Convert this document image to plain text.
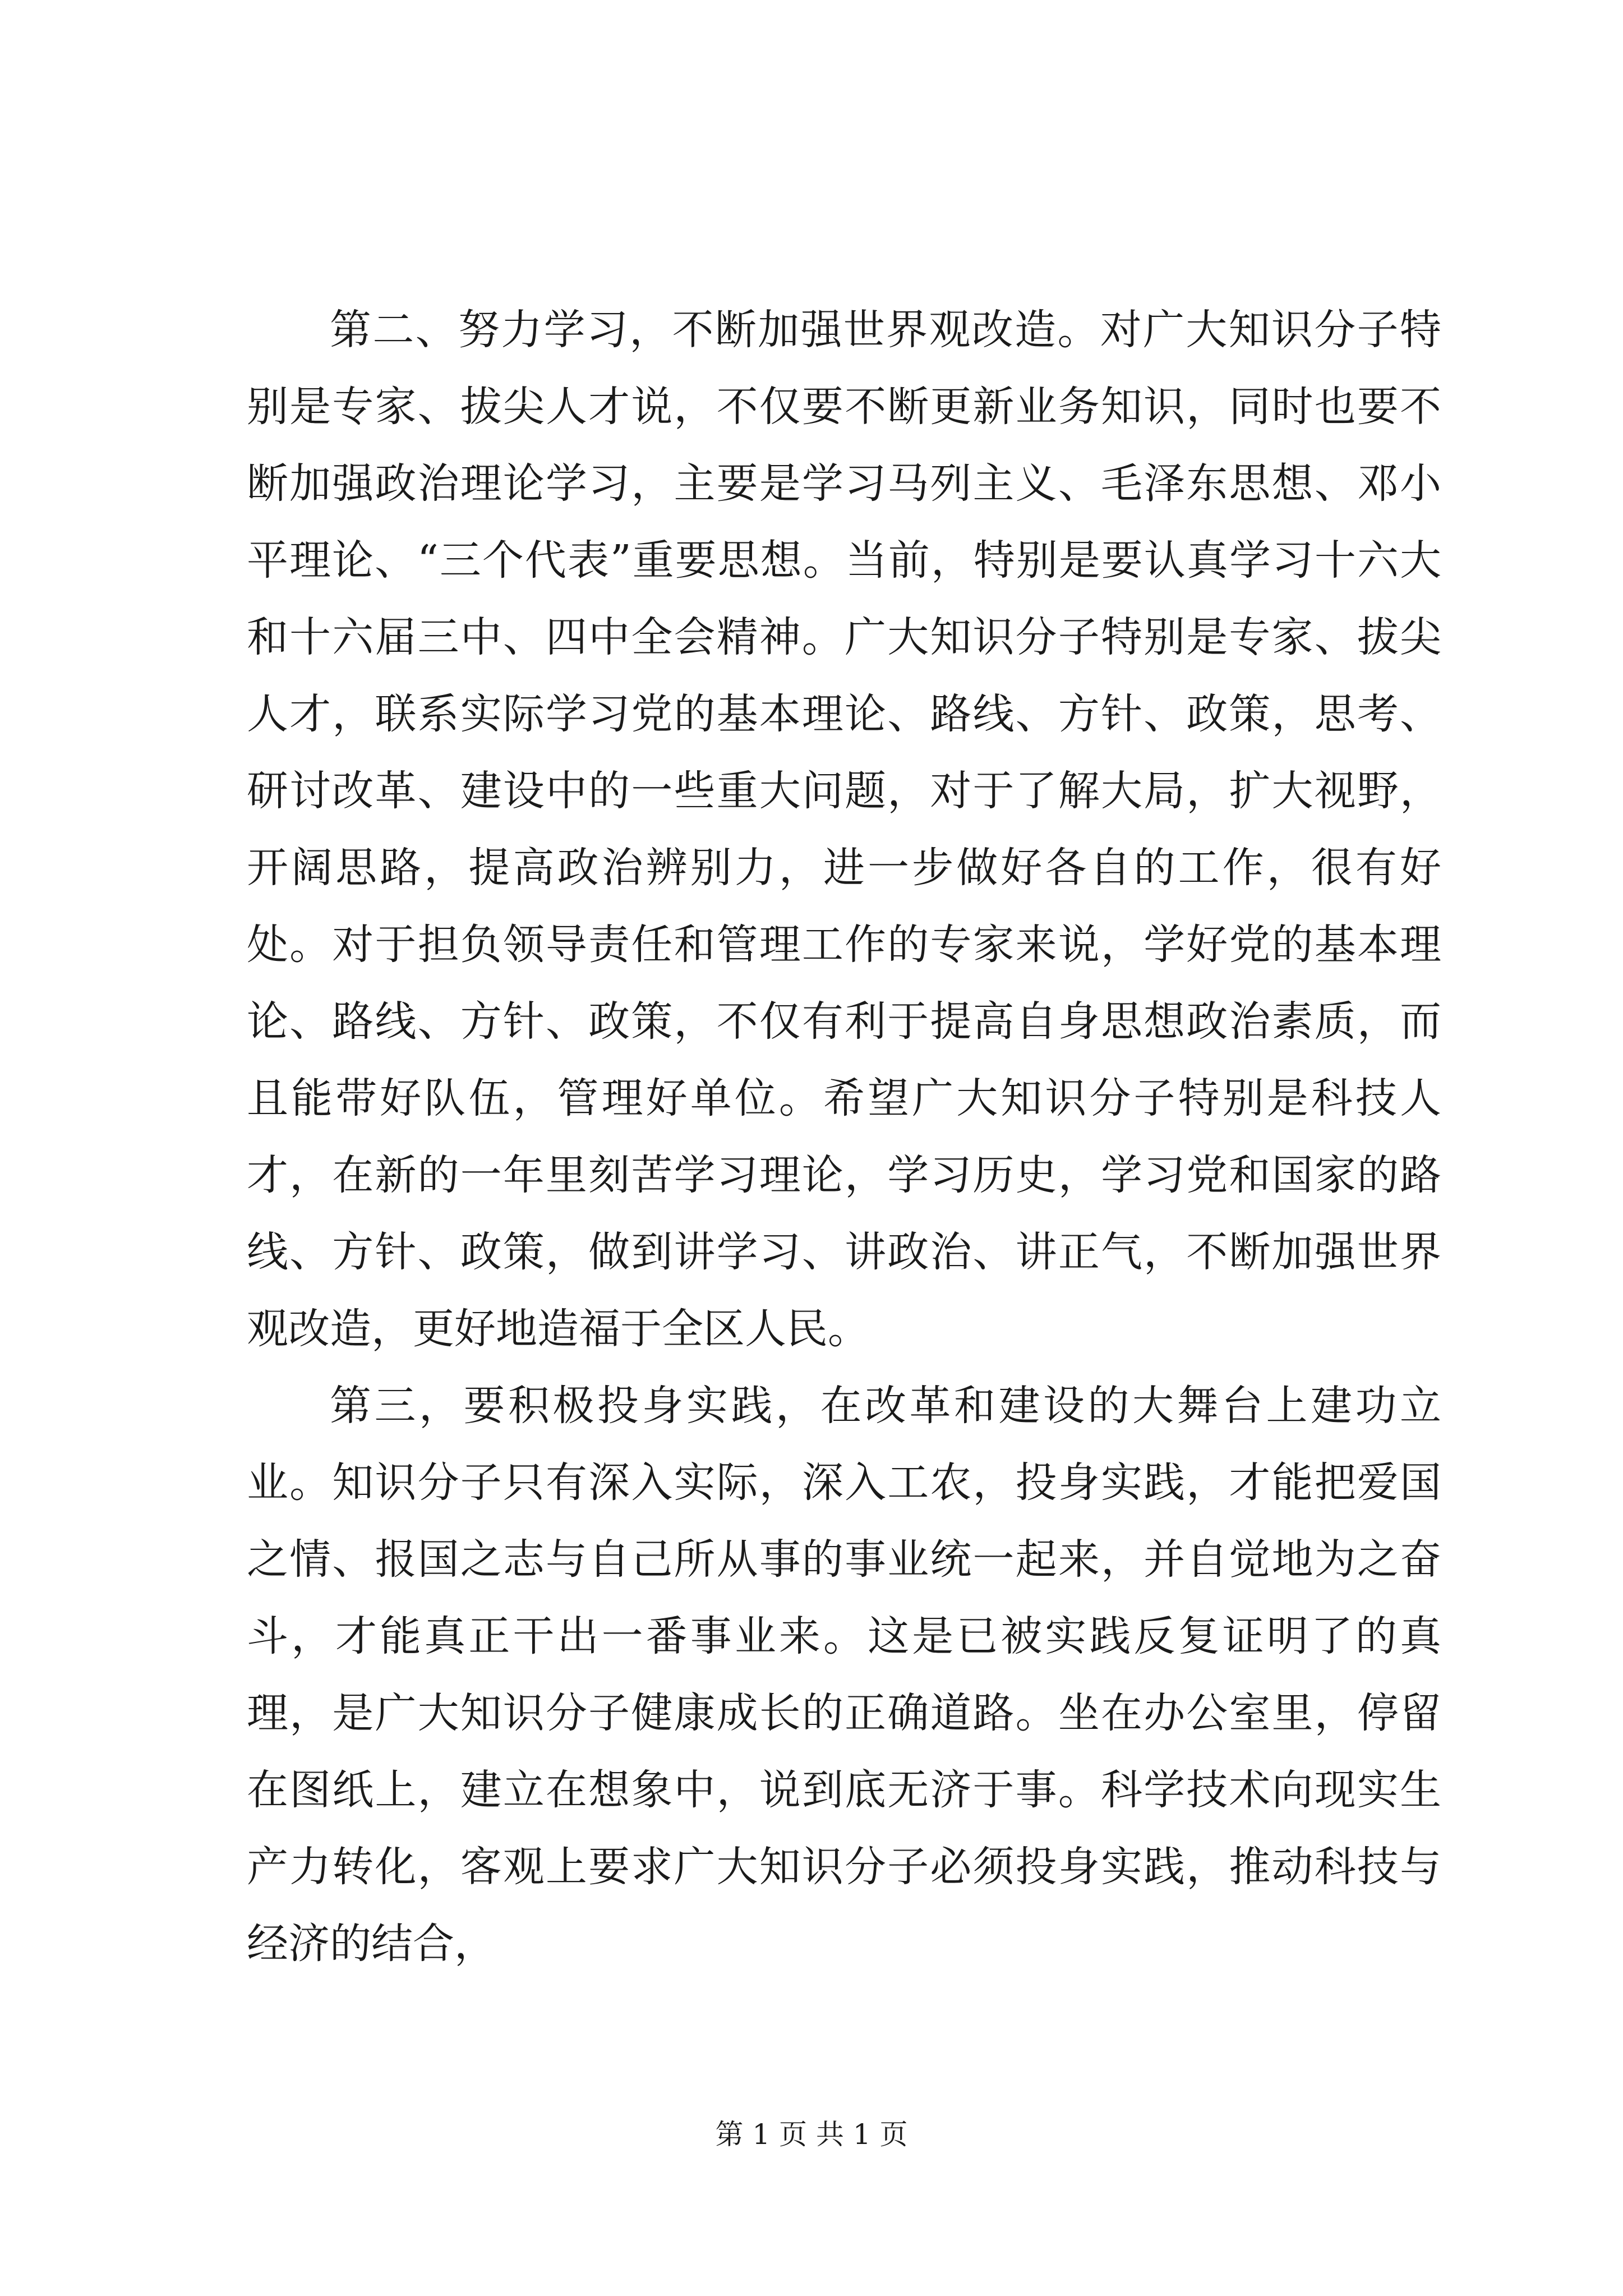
第二、努力学习，不断加强世界观改造。对广大知识分子特别是专家、拔尖人才说，不仅要不断更新业务知识，同时也要不断加强政治理论学习，主要是学习马列主义、毛泽东思想、邓小平理论、“三个代表”重要思想。当前，特别是要认真学习十六大和十六届三中、四中全会精神。广大知识分子特别是专家、拔尖人才，联系实际学习党的基本理论、路线、方针、政策，思考、研讨改革、建设中的一些重大问题，对于了解大局，扩大视野，开阔思路，提高政治辨别力，进一步做好各自的工作，很有好处。对于担负领导责任和管理工作的专家来说，学好党的基本理论、路线、方针、政策，不仅有利于提高自身思想政治素质，而且能带好队伍，管理好单位。希望广大知识分子特别是科技人才，在新的一年里刻苦学习理论，学习历史，学习党和国家的路线、方针、政策，做到讲学习、讲政治、讲正气，不断加强世界观改造，更好地造福于全区人民。

第三，要积极投身实践，在改革和建设的大舞台上建功立业。知识分子只有深入实际，深入工农，投身实践，才能把爱国之情、报国之志与自己所从事的事业统一起来，并自觉地为之奋斗，才能真正干出一番事业来。这是已被实践反复证明了的真理，是广大知识分子健康成长的正确道路。坐在办公室里，停留在图纸上，建立在想象中，说到底无济于事。科学技术向现实生产力转化，客观上要求广大知识分子必须投身实践，推动科技与经济的结合，

第 1 页 共 1 页
